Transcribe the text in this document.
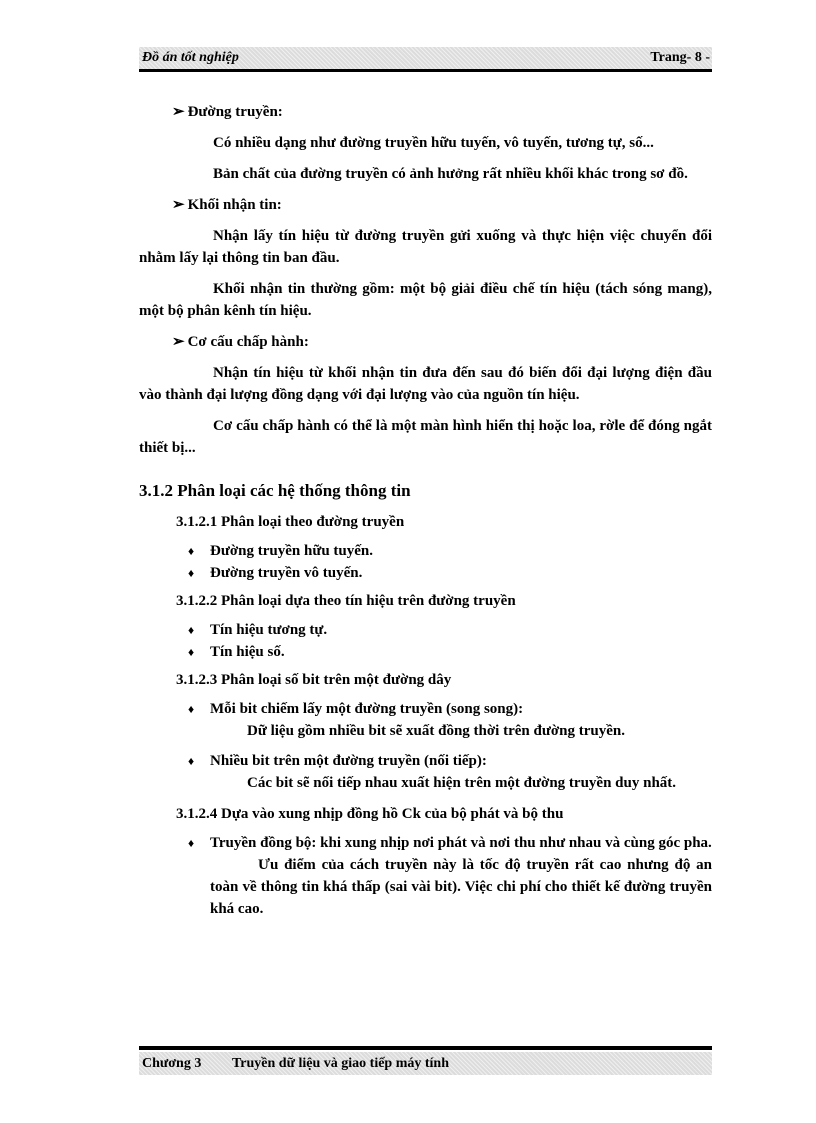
Đồ án tốt nghiệp	Trang- 8 -
➢ Đường truyền:
Có nhiều dạng như đường truyền hữu tuyến, vô tuyến, tương tự, số...
Bản chất của đường truyền có ảnh hưởng rất nhiều khối khác trong sơ đồ.
➢ Khối nhận tin:
Nhận lấy tín hiệu từ đường truyền gửi xuống và thực hiện việc chuyển đổi nhằm lấy lại thông tin ban đầu.
Khối nhận tin thường gồm: một bộ giải điều chế tín hiệu (tách sóng mang), một bộ phân kênh tín hiệu.
➢ Cơ cấu chấp hành:
Nhận tín hiệu từ khối nhận tin đưa đến sau đó biến đổi đại lượng điện đầu vào thành đại lượng đồng dạng với đại lượng vào của nguồn tín hiệu.
Cơ cấu chấp hành có thể là một màn hình hiển thị hoặc loa, rờle để đóng ngắt thiết bị...
3.1.2 Phân loại các hệ thống thông tin
3.1.2.1 Phân loại theo đường truyền
♦ Đường truyền hữu tuyến.
♦ Đường truyền vô tuyến.
3.1.2.2 Phân loại dựa theo tín hiệu trên đường truyền
♦ Tín hiệu tương tự.
♦ Tín hiệu số.
3.1.2.3 Phân loại số bit trên một đường dây
♦ Mỗi bit chiếm lấy một đường truyền (song song):
Dữ liệu gồm nhiều bit sẽ xuất đồng thời trên đường truyền.
♦ Nhiều bit trên một đường truyền (nối tiếp):
Các bit sẽ nối tiếp nhau xuất hiện trên một đường truyền duy nhất.
3.1.2.4 Dựa vào xung nhịp đồng hồ Ck của bộ phát và bộ thu
♦ Truyền đồng bộ: khi xung nhịp nơi phát và nơi thu như nhau và cùng góc pha.
Ưu điểm của cách truyền này là tốc độ truyền rất cao nhưng độ an toàn về thông tin khá thấp (sai vài bit). Việc chi phí cho thiết kế đường truyền khá cao.
Chương 3 Truyền dữ liệu và giao tiếp máy tính
